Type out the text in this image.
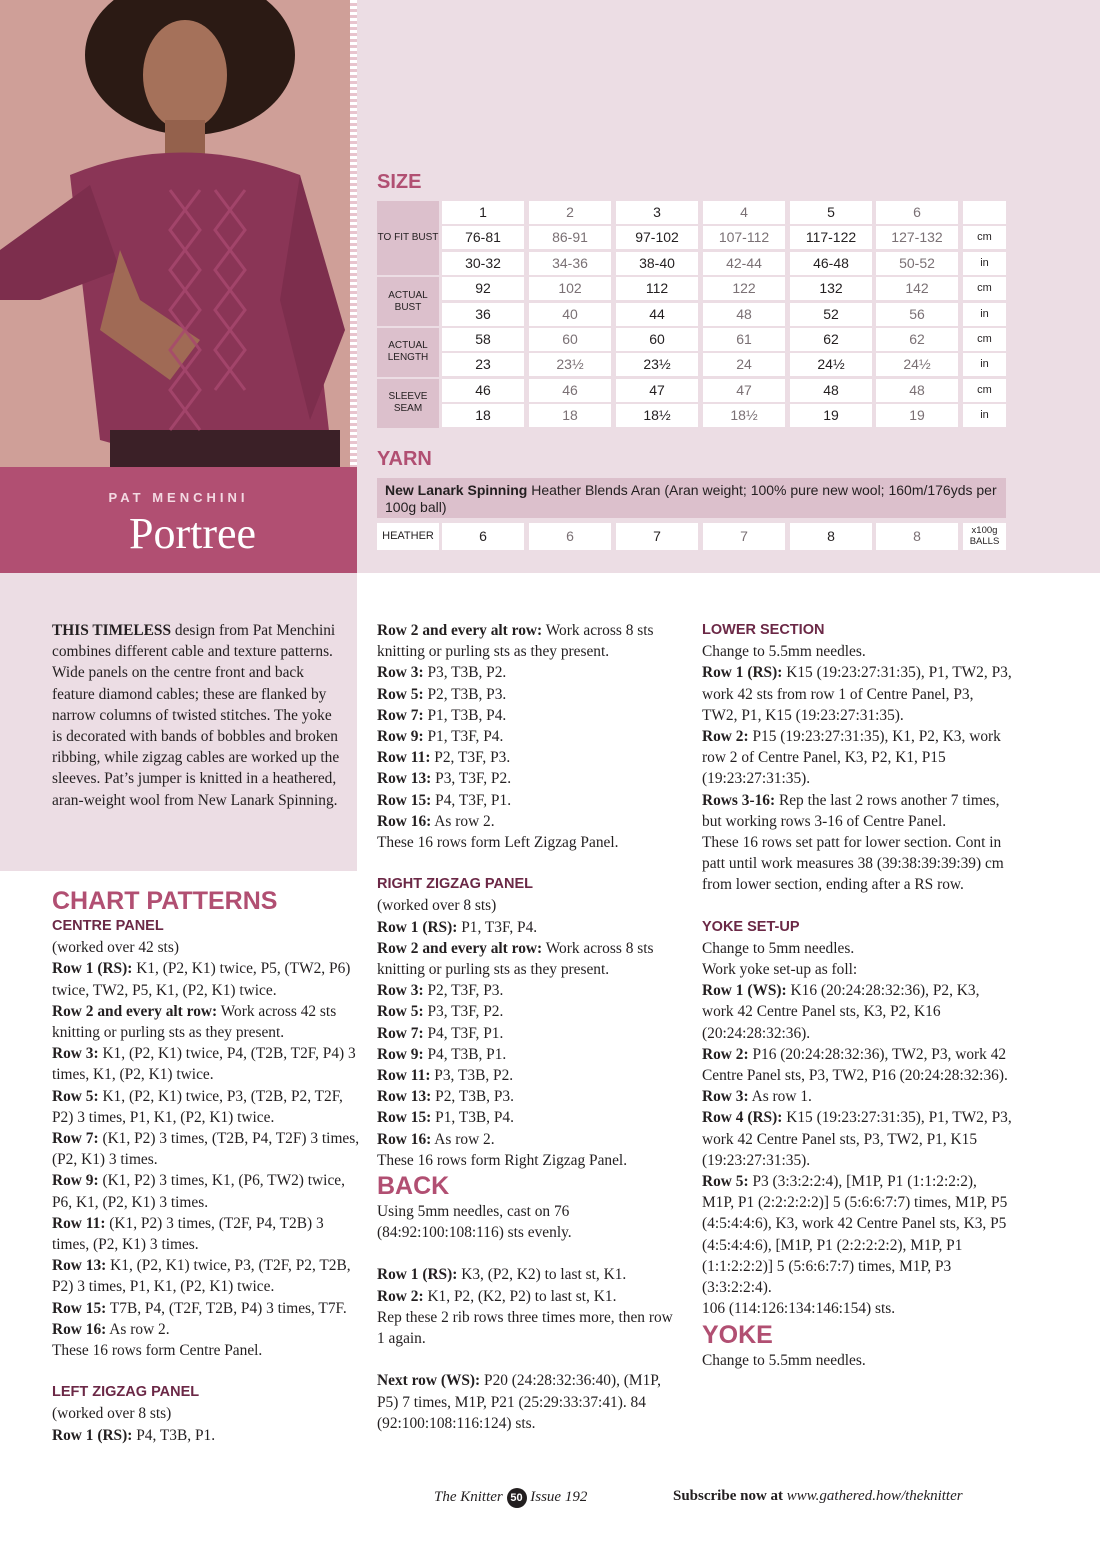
PAT MENCHINI
Portree
SIZE
1	2	3	4	5	6
TO FIT BUST	76-81	86-91	97-102	107-112	117-122	127-132	cm
30-32	34-36	38-40	42-44	46-48	50-52	in
ACTUAL BUST
92	102	112	122	132	142	cm
36	40	44	48	52	56	in
ACTUAL LENGTH
58	60	60	61	62	62	cm
23	23½	23½	24	24½	24½	in
SLEEVE SEAM
46	46	47	47	48	48	cm
18	18	18½	18½	19	19	in
YARN
New Lanark Spinning Heather Blends Aran (Aran weight; 100% pure new wool; 160m/176yds per 100g ball)
HEATHER	6	6	7	7	8	8	x100g BALLS
THIS TIMELESS design from Pat Menchini combines different cable and texture patterns. Wide panels on the centre front and back feature diamond cables; these are flanked by narrow columns of twisted stitches. The yoke is decorated with bands of bobbles and broken ribbing, while zigzag cables are worked up the sleeves. Pat’s jumper is knitted in a heathered, aran-weight wool from New Lanark Spinning.

CHART PATTERNS

CENTRE PANEL

(worked over 42 sts)

Row 1 (RS): K1, (P2, K1) twice, P5, (TW2, P6) twice, TW2, P5, K1, (P2, K1) twice.

Row 2 and every alt row: Work across 42 sts knitting or purling sts as they present.

Row 3: K1, (P2, K1) twice, P4, (T2B, T2F, P4) 3 times, K1, (P2, K1) twice.

Row 5: K1, (P2, K1) twice, P3, (T2B, P2, T2F, P2) 3 times, P1, K1, (P2, K1) twice.

Row 7: (K1, P2) 3 times, (T2B, P4, T2F) 3 times, (P2, K1) 3 times.

Row 9: (K1, P2) 3 times, K1, (P6, TW2) twice, P6, K1, (P2, K1) 3 times.

Row 11: (K1, P2) 3 times, (T2F, P4, T2B) 3 times, (P2, K1) 3 times.

Row 13: K1, (P2, K1) twice, P3, (T2F, P2, T2B, P2) 3 times, P1, K1, (P2, K1) twice.

Row 15: T7B, P4, (T2F, T2B, P4) 3 times, T7F.

Row 16: As row 2.

These 16 rows form Centre Panel.

LEFT ZIGZAG PANEL

(worked over 8 sts)

Row 1 (RS): P4, T3B, P1.

Row 2 and every alt row: Work across 8 sts knitting or purling sts as they present.

Row 3: P3, T3B, P2.

Row 5: P2, T3B, P3.

Row 7: P1, T3B, P4.

Row 9: P1, T3F, P4.

Row 11: P2, T3F, P3.

Row 13: P3, T3F, P2.

Row 15: P4, T3F, P1.

Row 16: As row 2.

These 16 rows form Left Zigzag Panel.

RIGHT ZIGZAG PANEL

(worked over 8 sts)

Row 1 (RS): P1, T3F, P4.

Row 2 and every alt row: Work across 8 sts knitting or purling sts as they present.

Row 3: P2, T3F, P3.

Row 5: P3, T3F, P2.

Row 7: P4, T3F, P1.

Row 9: P4, T3B, P1.

Row 11: P3, T3B, P2.

Row 13: P2, T3B, P3.

Row 15: P1, T3B, P4.

Row 16: As row 2.

These 16 rows form Right Zigzag Panel.

BACK

Using 5mm needles, cast on 76 (84:92:100:108:116) sts evenly.

Row 1 (RS): K3, (P2, K2) to last st, K1.

Row 2: K1, P2, (K2, P2) to last st, K1.

Rep these 2 rib rows three times more, then row 1 again.

Next row (WS): P20 (24:28:32:36:40), (M1P, P5) 7 times, M1P, P21 (25:29:33:37:41). 84 (92:100:108:116:124) sts.

LOWER SECTION

Change to 5.5mm needles.

Row 1 (RS): K15 (19:23:27:31:35), P1, TW2, P3, work 42 sts from row 1 of Centre Panel, P3, TW2, P1, K15 (19:23:27:31:35).

Row 2: P15 (19:23:27:31:35), K1, P2, K3, work row 2 of Centre Panel, K3, P2, K1, P15 (19:23:27:31:35).

Rows 3-16: Rep the last 2 rows another 7 times, but working rows 3-16 of Centre Panel.

These 16 rows set patt for lower section. Cont in patt until work measures 38 (39:38:39:39:39) cm from lower section, ending after a RS row.

YOKE SET-UP

Change to 5mm needles.

Work yoke set-up as foll:

Row 1 (WS): K16 (20:24:28:32:36), P2, K3, work 42 Centre Panel sts, K3, P2, K16 (20:24:28:32:36).

Row 2: P16 (20:24:28:32:36), TW2, P3, work 42 Centre Panel sts, P3, TW2, P16 (20:24:28:32:36).

Row 3: As row 1.

Row 4 (RS): K15 (19:23:27:31:35), P1, TW2, P3, work 42 Centre Panel sts, P3, TW2, P1, K15 (19:23:27:31:35).

Row 5: P3 (3:3:2:2:4), [M1P, P1 (1:1:2:2:2), M1P, P1 (2:2:2:2:2)] 5 (5:6:6:7:7) times, M1P, P5 (4:5:4:4:6), K3, work 42 Centre Panel sts, K3, P5 (4:5:4:4:6), [M1P, P1 (2:2:2:2:2), M1P, P1 (1:1:2:2:2)] 5 (5:6:6:7:7) times, M1P, P3 (3:3:2:2:4).

106 (114:126:134:146:154) sts.

YOKE

Change to 5.5mm needles.

The Knitter 50 Issue 192	Subscribe now at www.gathered.how/theknitter
